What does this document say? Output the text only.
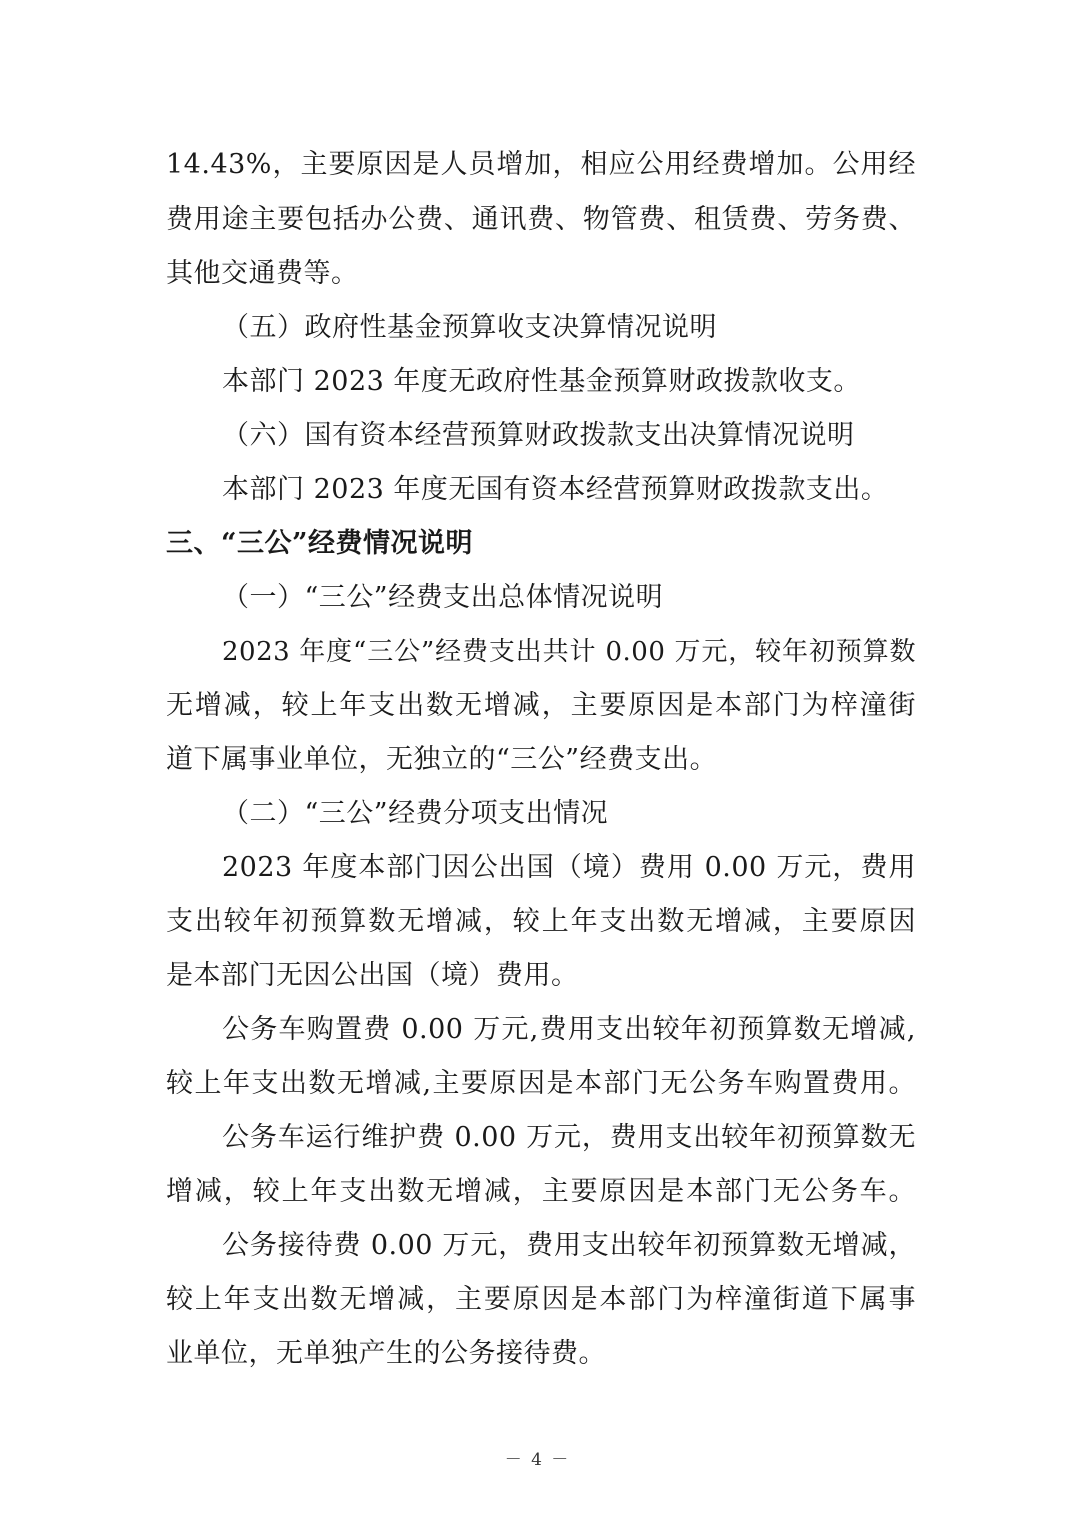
14.43%，主要原因是人员增加，相应公用经费增加。公用经
费用途主要包括办公费、通讯费、物管费、租赁费、劳务费、
其他交通费等。
（五）政府性基金预算收支决算情况说明
本部门 2023 年度无政府性基金预算财政拨款收支。
（六）国有资本经营预算财政拨款支出决算情况说明
本部门 2023 年度无国有资本经营预算财政拨款支出。
三、“三公”经费情况说明
（一）“三公”经费支出总体情况说明
2023 年度“三公”经费支出共计 0.00 万元，较年初预算数
无增减，较上年支出数无增减，主要原因是本部门为梓潼街
道下属事业单位，无独立的“三公”经费支出。
（二）“三公”经费分项支出情况
2023 年度本部门因公出国（境）费用 0.00 万元，费用
支出较年初预算数无增减，较上年支出数无增减，主要原因
是本部门无因公出国（境）费用。
公务车购置费 0.00 万元,费用支出较年初预算数无增减,
较上年支出数无增减,主要原因是本部门无公务车购置费用。
公务车运行维护费 0.00 万元，费用支出较年初预算数无
增减，较上年支出数无增减，主要原因是本部门无公务车。
公务接待费 0.00 万元，费用支出较年初预算数无增减，
较上年支出数无增减，主要原因是本部门为梓潼街道下属事
业单位，无单独产生的公务接待费。
－ 4 －
